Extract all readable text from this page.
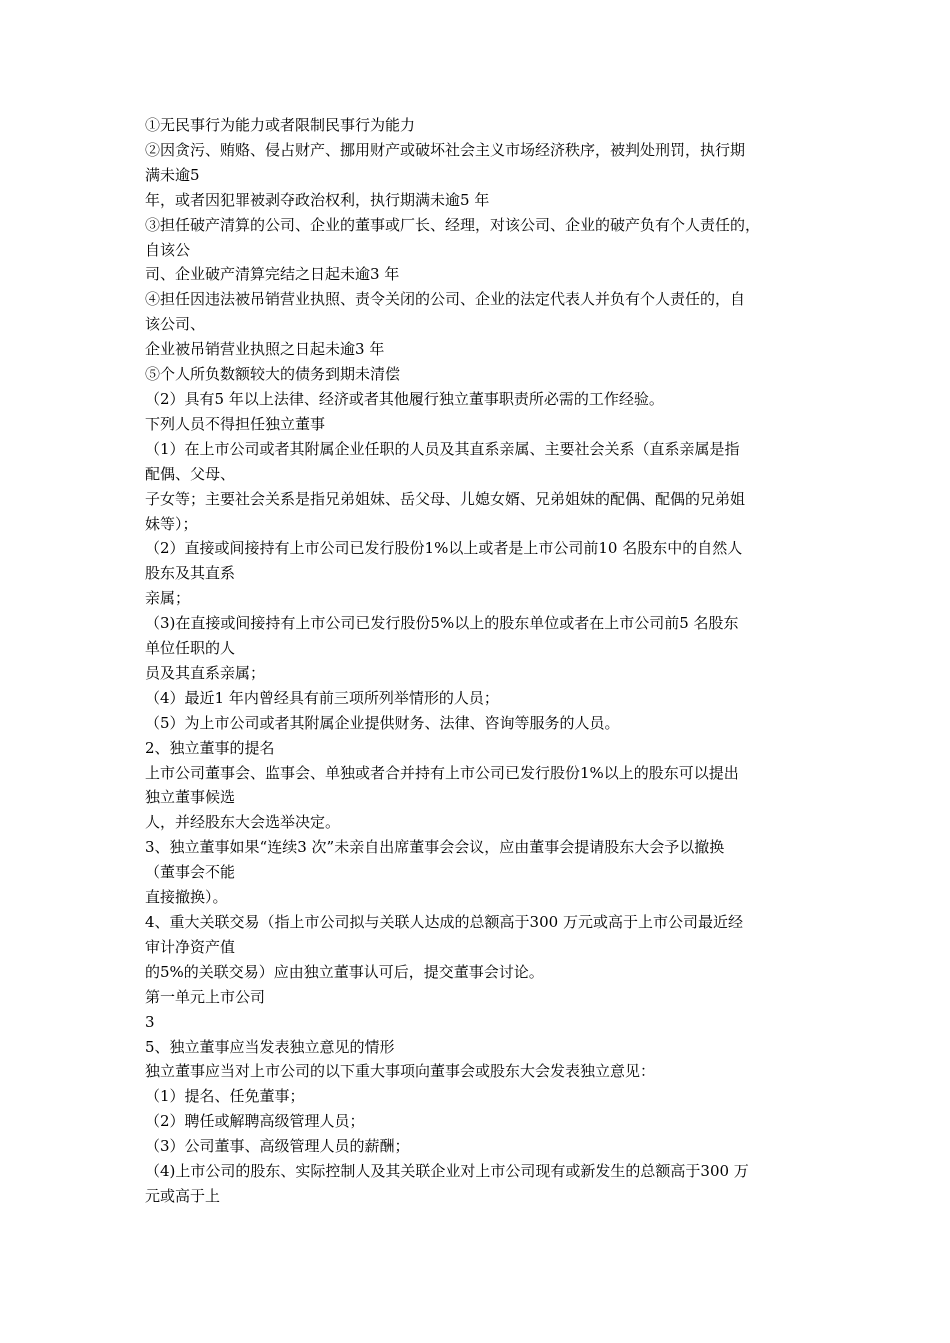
①无民事行为能力或者限制民事行为能力

②因贪污、贿赂、侵占财产、挪用财产或破坏社会主义市场经济秩序，被判处刑罚，执行期

满未逾5

年，或者因犯罪被剥夺政治权利，执行期满未逾5 年

③担任破产清算的公司、企业的董事或厂长、经理，对该公司、企业的破产负有个人责任的，

自该公

司、企业破产清算完结之日起未逾3 年

④担任因违法被吊销营业执照、责令关闭的公司、企业的法定代表人并负有个人责任的，自

该公司、

企业被吊销营业执照之日起未逾3 年

⑤个人所负数额较大的债务到期未清偿

（2）具有5 年以上法律、经济或者其他履行独立董事职责所必需的工作经验。

下列人员不得担任独立董事

（1）在上市公司或者其附属企业任职的人员及其直系亲属、主要社会关系（直系亲属是指

配偶、父母、

子女等；主要社会关系是指兄弟姐妹、岳父母、儿媳女婿、兄弟姐妹的配偶、配偶的兄弟姐

妹等）；

（2）直接或间接持有上市公司已发行股份1%以上或者是上市公司前10 名股东中的自然人

股东及其直系

亲属；

（3)在直接或间接持有上市公司已发行股份5%以上的股东单位或者在上市公司前5 名股东

单位任职的人

员及其直系亲属；

（4）最近1 年内曾经具有前三项所列举情形的人员；

（5）为上市公司或者其附属企业提供财务、法律、咨询等服务的人员。

2、独立董事的提名

上市公司董事会、监事会、单独或者合并持有上市公司已发行股份1%以上的股东可以提出

独立董事候选

人，并经股东大会选举决定。

3、独立董事如果“连续3 次”未亲自出席董事会会议，应由董事会提请股东大会予以撤换

（董事会不能

直接撤换）。

4、重大关联交易（指上市公司拟与关联人达成的总额高于300 万元或高于上市公司最近经

审计净资产值

的5%的关联交易）应由独立董事认可后，提交董事会讨论。

第一单元上市公司

3

5、独立董事应当发表独立意见的情形

独立董事应当对上市公司的以下重大事项向董事会或股东大会发表独立意见：

（1）提名、任免董事；

（2）聘任或解聘高级管理人员；

（3）公司董事、高级管理人员的薪酬；

（4)上市公司的股东、实际控制人及其关联企业对上市公司现有或新发生的总额高于300 万

元或高于上
